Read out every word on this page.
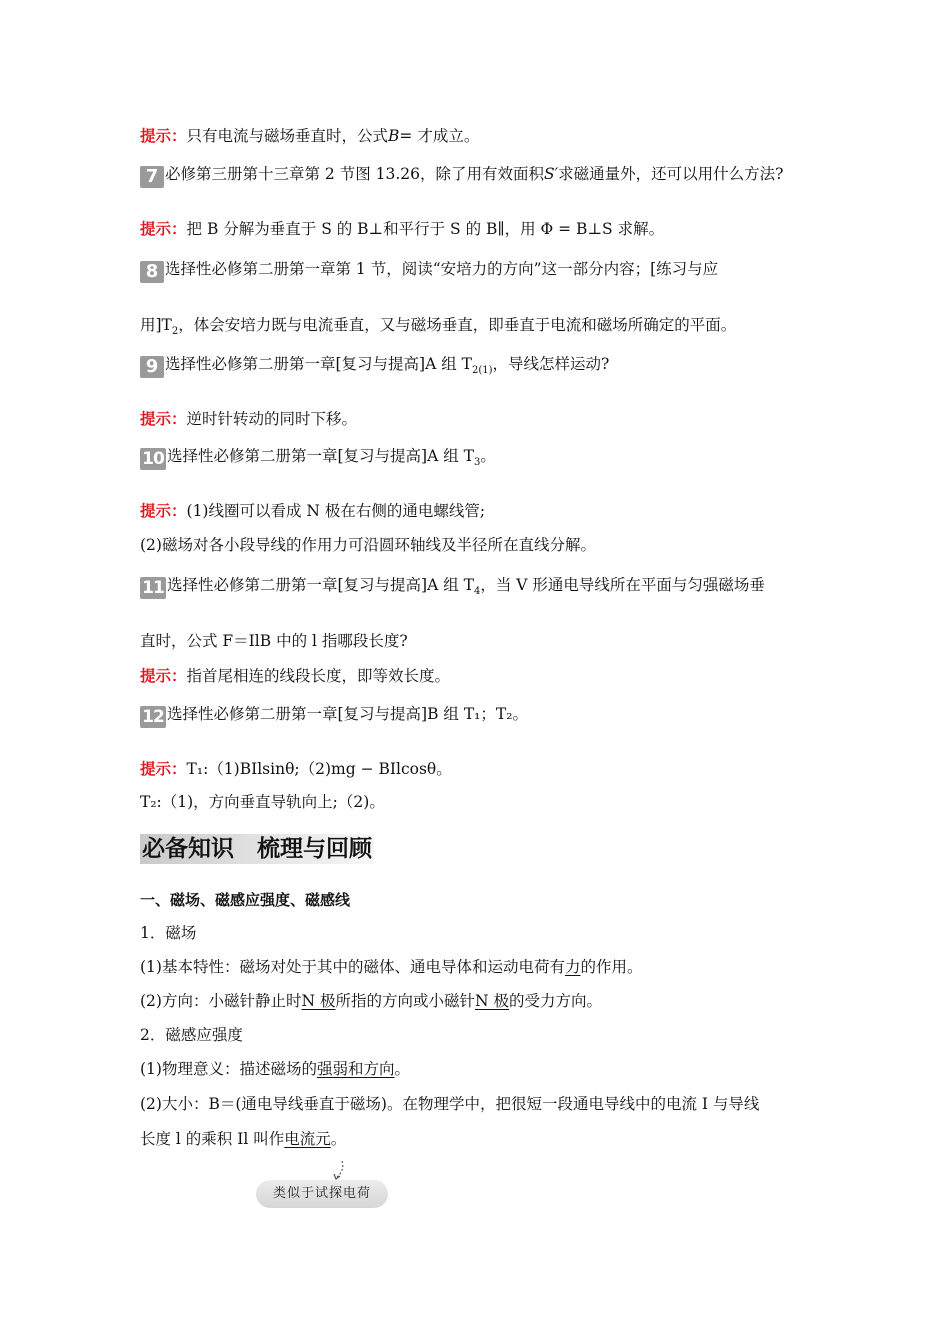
提示：只有电流与磁场垂直时，公式B= 才成立。
7 必修第三册第十三章第 2 节图 13.26，除了用有效面积S′求磁通量外，还可以用什么方法?
提示：把 B 分解为垂直于 S 的 B⊥和平行于 S 的 B∥，用 Φ = B⊥S 求解。
8 选择性必修第二册第一章第 1 节，阅读“安培力的方向”这一部分内容；[练习与应
用]$T_2$，体会安培力既与电流垂直，又与磁场垂直，即垂直于电流和磁场所确定的平面。
9 选择性必修第二册第一章[复习与提高]A 组 $T_{2(1)}$，导线怎样运动?
提示：逆时针转动的同时下移。
10 选择性必修第二册第一章[复习与提高]A 组 $T_3$。
提示：(1)线圈可以看成 N 极在右侧的通电螺线管;
(2)磁场对各小段导线的作用力可沿圆环轴线及半径所在直线分解。
11 选择性必修第二册第一章[复习与提高]A 组 $T_4$，当 V 形通电导线所在平面与匀强磁场垂
直时，公式 F＝IlB 中的 l 指哪段长度?
提示：指首尾相连的线段长度，即等效长度。
12 选择性必修第二册第一章[复习与提高]B 组 T₁；T₂。
提示：T₁:（1)BIlsinθ;（2)mg − BIlcosθ。
T₂:（1)，方向垂直导轨向上;（2)。
必备知识　梳理与回顾
一、磁场、磁感应强度、磁感线
1．磁场
(1)基本特性：磁场对处于其中的磁体、通电导体和运动电荷有力的作用。
(2)方向：小磁针静止时N 极所指的方向或小磁针N 极的受力方向。
2．磁感应强度
(1)物理意义：描述磁场的强弱和方向。
(2)大小：B＝(通电导线垂直于磁场)。在物理学中，把很短一段通电导线中的电流 I 与导线
长度 l 的乘积 Il 叫作电流元。
类似于试探电荷
